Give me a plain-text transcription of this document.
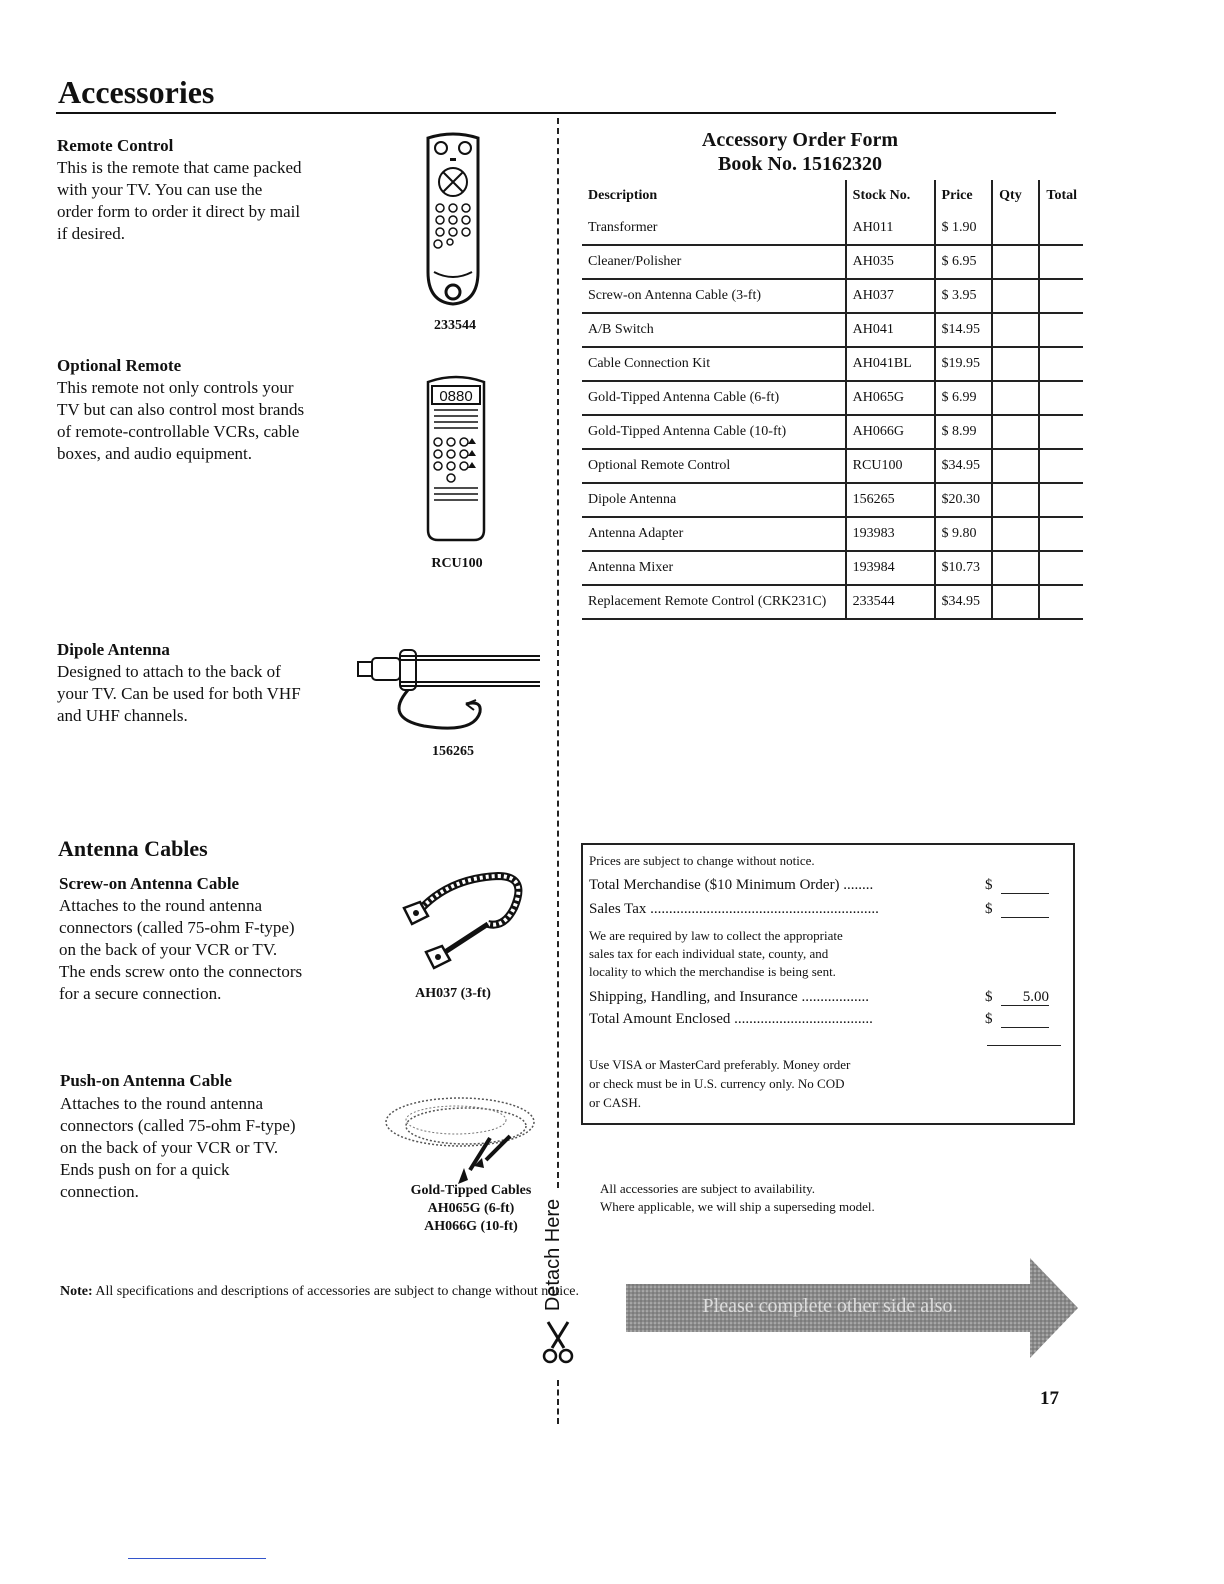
Accessories
Remote Control
This is the remote that came packed
with your TV. You can use the
order form to order it direct by mail
if desired.
233544
Optional Remote
This remote not only controls your
TV but can also control most brands
of remote-controllable VCRs, cable
boxes, and audio equipment.
0880
RCU100
Dipole Antenna
Designed to attach to the back of
your TV. Can be used for both VHF
and UHF channels.
156265
Antenna Cables
Screw-on Antenna Cable
Attaches to the round antenna
connectors (called 75-ohm F-type)
on the back of your VCR or TV.
The ends screw onto the connectors
for a secure connection.	AH037 (3-ft)
Push-on Antenna Cable
Attaches to the round antenna
connectors (called 75-ohm F-type)
on the back of your VCR or TV.
Ends push on for a quick
connection.	Gold-Tipped Cables
AH065G (6-ft)
AH066G (10-ft)
Note: All specifications and descriptions of accessories are subject to change without notice.
Detach Here
Accessory Order Form
Book No. 15162320
Description	Stock No.	Price	Qty	Total
Transformer	AH011	$ 1.90		
Cleaner/Polisher	AH035	$ 6.95		
Screw-on Antenna Cable (3-ft)	AH037	$ 3.95		
A/B Switch	AH041	$14.95		
Cable Connection Kit	AH041BL	$19.95		
Gold-Tipped Antenna Cable (6-ft)	AH065G	$ 6.99		
Gold-Tipped Antenna Cable (10-ft)	AH066G	$ 8.99		
Optional Remote Control	RCU100	$34.95		
Dipole Antenna	156265	$20.30		
Antenna Adapter	193983	$ 9.80		
Antenna Mixer	193984	$10.73		
Replacement Remote Control (CRK231C)	233544	$34.95		
Prices are subject to change without notice.
Total Merchandise ($10 Minimum Order) ........	$
Sales Tax .............................................................	$
We are required by law to collect the appropriate
sales tax for each individual state, county, and
locality to which the merchandise is being sent.
Shipping, Handling, and Insurance ..................	$	5.00
Total Amount Enclosed .....................................	$
Use VISA or MasterCard preferably. Money order
or check must be in U.S. currency only. No COD
or CASH.
All accessories are subject to availability.
Where applicable, we will ship a superseding model.
Please complete other side also.
17
